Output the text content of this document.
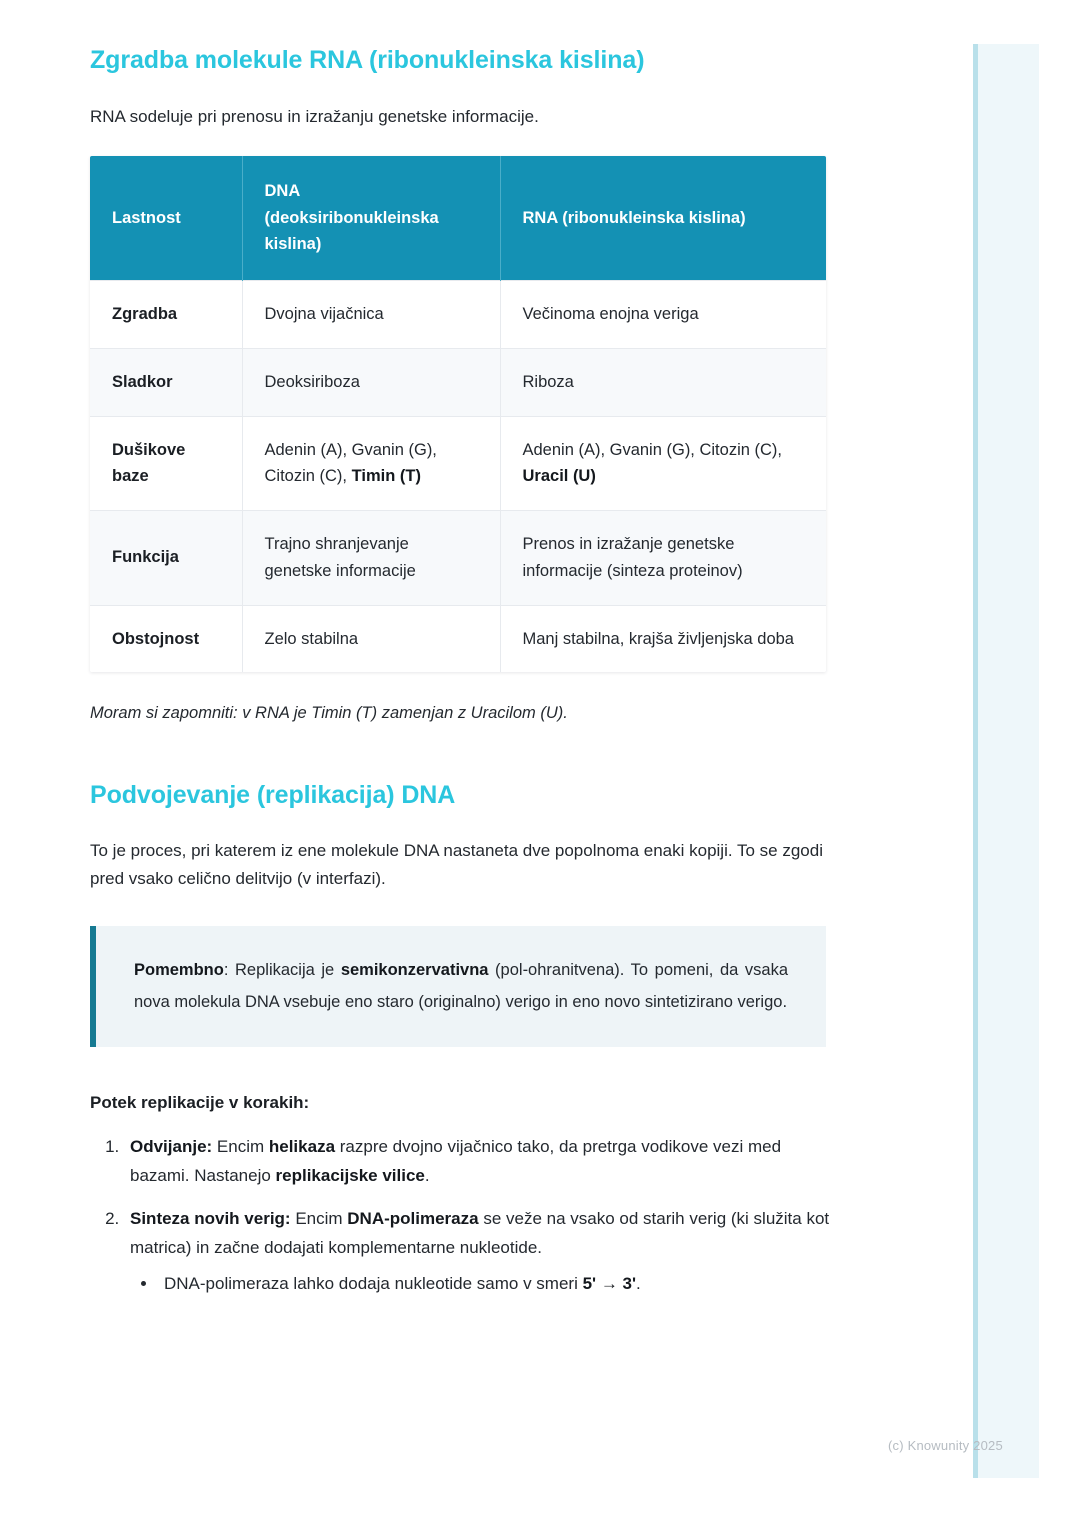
Zgradba molekule RNA (ribonukleinska kislina)

RNA sodeluje pri prenosu in izražanju genetske informacije.

Lastnost	DNA (deoksiribonukleinska kislina)	RNA (ribonukleinska kislina)
Zgradba	Dvojna vijačnica	Večinoma enojna veriga
Sladkor	Deoksiriboza	Riboza
Dušikove baze	Adenin (A), Gvanin (G), Citozin (C), Timin (T)	Adenin (A), Gvanin (G), Citozin (C), Uracil (U)
Funkcija	Trajno shranjevanje genetske informacije	Prenos in izražanje genetske informacije (sinteza proteinov)
Obstojnost	Zelo stabilna	Manj stabilna, krajša življenjska doba

Moram si zapomniti: v RNA je Timin (T) zamenjan z Uracilom (U).

Podvojevanje (replikacija) DNA

To je proces, pri katerem iz ene molekule DNA nastaneta dve popolnoma enaki kopiji. To se zgodi pred vsako celično delitvijo (v interfazi).

Pomembno: Replikacija je semikonzervativna (pol-ohranitvena). To pomeni, da vsaka nova molekula DNA vsebuje eno staro (originalno) verigo in eno novo sintetizirano verigo.

Potek replikacije v korakih:

1. Odvijanje: Encim helikaza razpre dvojno vijačnico tako, da pretrga vodikove vezi med bazami. Nastanejo replikacijske vilice.
2. Sinteza novih verig: Encim DNA-polimeraza se veže na vsako od starih verig (ki služita kot matrica) in začne dodajati komplementarne nukleotide.
• DNA-polimeraza lahko dodaja nukleotide samo v smeri 5' → 3'.
(c) Knowunity 2025
